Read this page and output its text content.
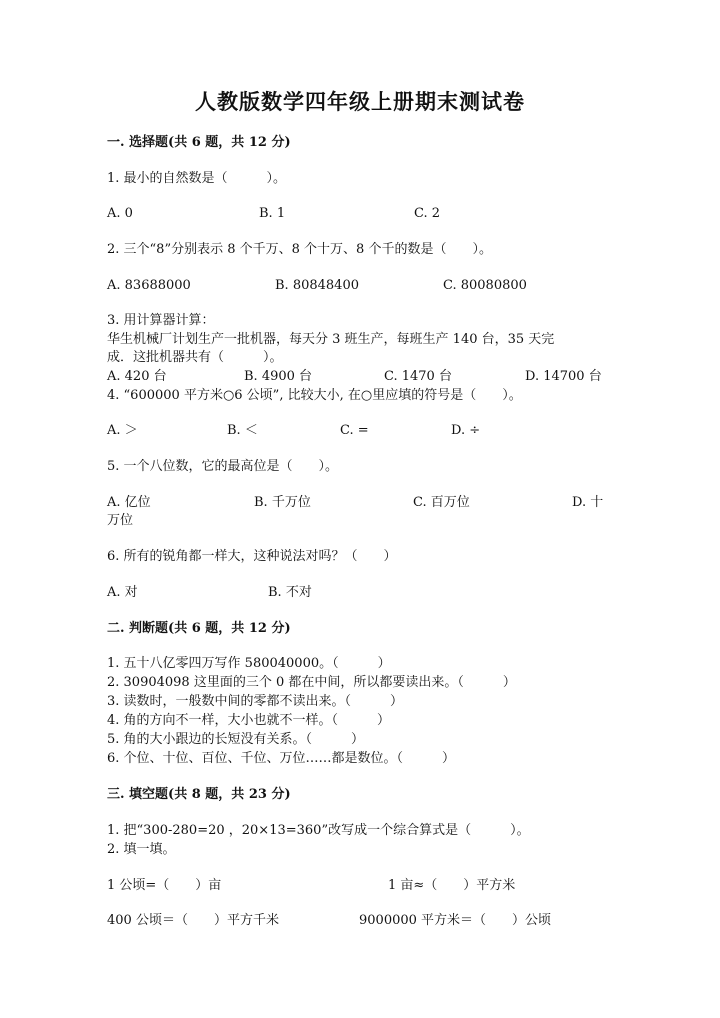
人教版数学四年级上册期末测试卷
一. 选择题(共 6 题，共 12 分)
1. 最小的自然数是（　　　）。
A. 0	B. 1	C. 2
2. 三个“8”分别表示 8 个千万、8 个十万、8 个千的数是（　　）。
A. 83688000	B. 80848400	C. 80080800
3. 用计算器计算：
华生机械厂计划生产一批机器，每天分 3 班生产，每班生产 140 台，35 天完
成．这批机器共有（　　　）。
A. 420 台	B. 4900 台	C. 1470 台	D. 14700 台
4. “600000 平方米○6 公顷”, 比较大小, 在○里应填的符号是（　　）。
A. ＞	B. ＜	C. =	D. ÷
5. 一个八位数，它的最高位是（　　）。
A. 亿位	B. 千万位	C. 百万位	D. 十
万位
6. 所有的锐角都一样大，这种说法对吗？（　　）
A. 对	B. 不对
二. 判断题(共 6 题，共 12 分)
1. 五十八亿零四万写作 580040000。（　　　）
2. 30904098 这里面的三个 0 都在中间，所以都要读出来。（　　　）
3. 读数时，一般数中间的零都不读出来。（　　　）
4. 角的方向不一样，大小也就不一样。（　　　）
5. 角的大小跟边的长短没有关系。（　　　）
6. 个位、十位、百位、千位、万位……都是数位。（　　　）
三. 填空题(共 8 题，共 23 分)
1. 把“300-280=20 ，20×13=360”改写成一个综合算式是（　　　）。
2. 填一填。
1 公顷=（　　）亩	1 亩≈（　　）平方米
400 公顷＝（　　）平方千米	9000000 平方米＝（　　）公顷
